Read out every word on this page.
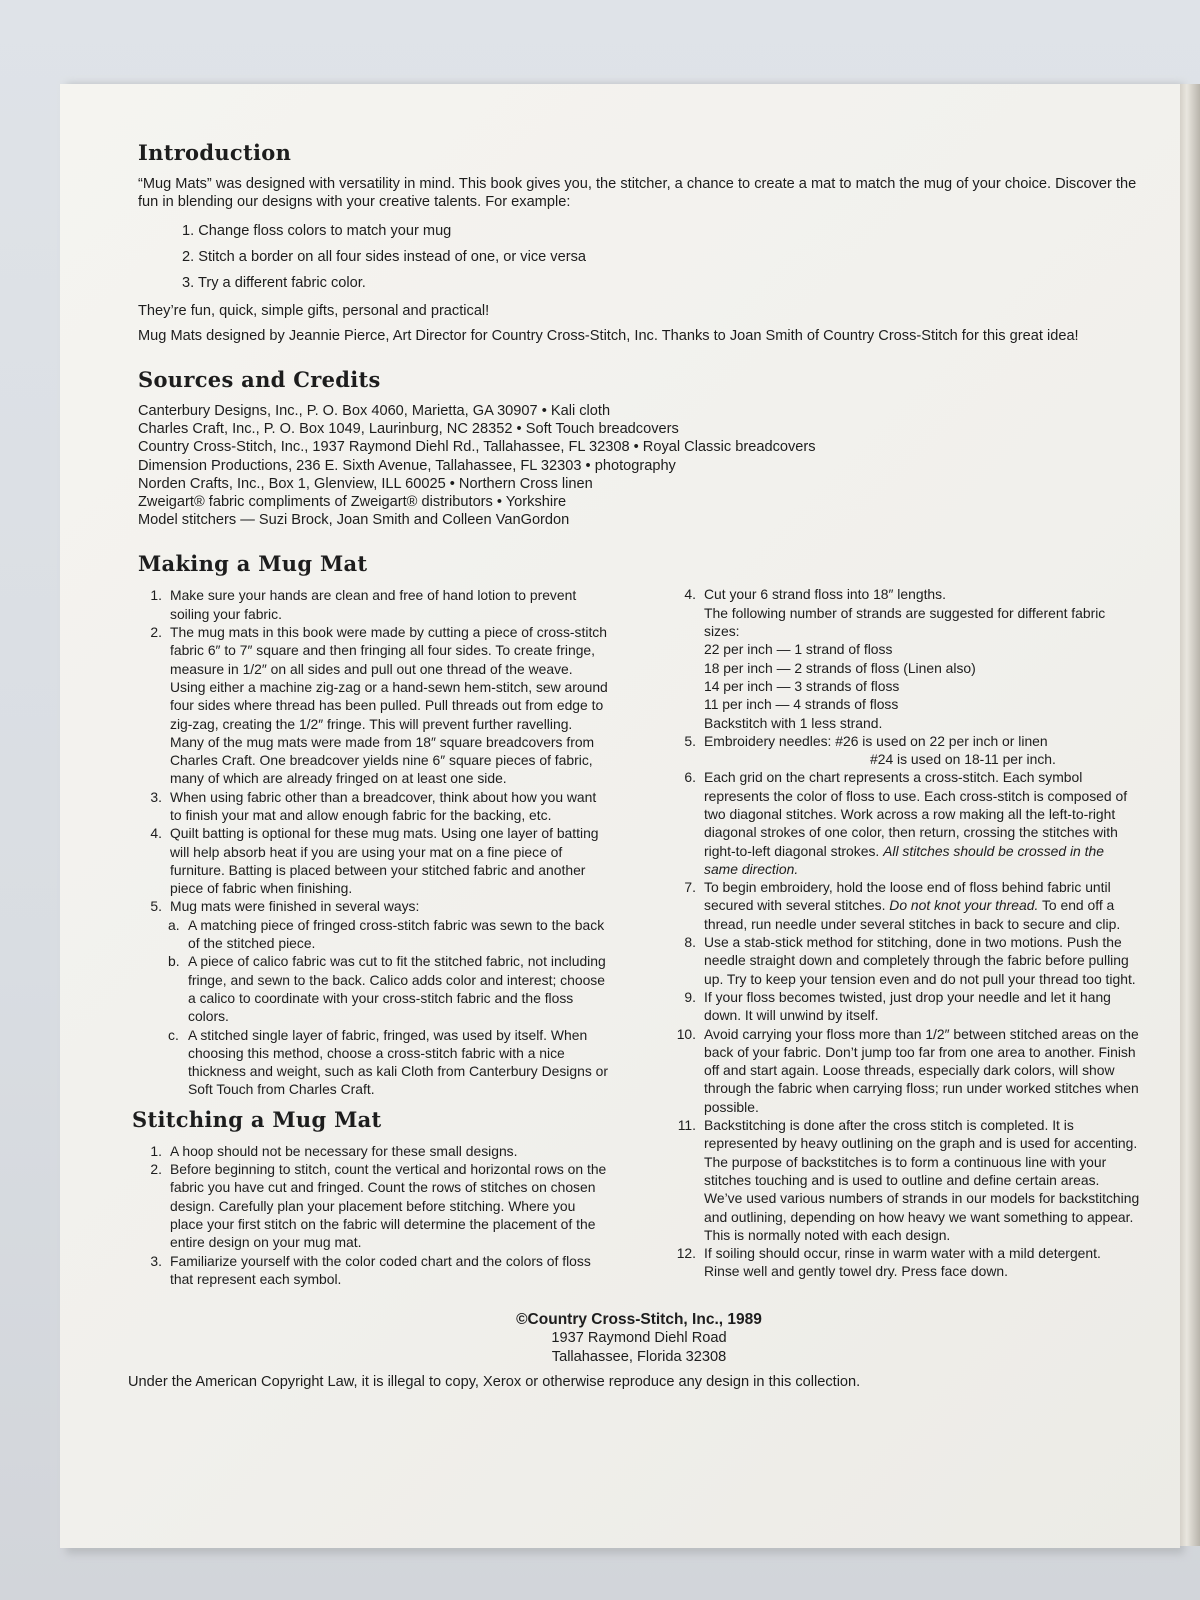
Introduction

“Mug Mats” was designed with versatility in mind. This book gives you, the stitcher, a chance to create a mat to match the mug of your choice. Discover the fun in blending our designs with your creative talents. For example:

1. Change floss colors to match your mug
2. Stitch a border on all four sides instead of one, or vice versa
3. Try a different fabric color.

They’re fun, quick, simple gifts, personal and practical!

Mug Mats designed by Jeannie Pierce, Art Director for Country Cross-Stitch, Inc. Thanks to Joan Smith of Country Cross-Stitch for this great idea!

Sources and Credits
Canterbury Designs, Inc., P. O. Box 4060, Marietta, GA 30907 • Kali cloth
Charles Craft, Inc., P. O. Box 1049, Laurinburg, NC 28352 • Soft Touch breadcovers
Country Cross-Stitch, Inc., 1937 Raymond Diehl Rd., Tallahassee, FL 32308 • Royal Classic breadcovers
Dimension Productions, 236 E. Sixth Avenue, Tallahassee, FL 32303 • photography
Norden Crafts, Inc., Box 1, Glenview, ILL 60025 • Northern Cross linen
Zweigart® fabric compliments of Zweigart® distributors • Yorkshire
Model stitchers — Suzi Brock, Joan Smith and Colleen VanGordon
Making a Mug Mat
1. Make sure your hands are clean and free of hand lotion to prevent soiling your fabric.
2. The mug mats in this book were made by cutting a piece of cross-stitch fabric 6″ to 7″ square and then fringing all four sides. To create fringe, measure in 1/2″ on all sides and pull out one thread of the weave. Using either a machine zig-zag or a hand-sewn hem-stitch, sew around four sides where thread has been pulled. Pull threads out from edge to zig-zag, creating the 1/2″ fringe. This will prevent further ravelling. Many of the mug mats were made from 18″ square breadcovers from Charles Craft. One breadcover yields nine 6″ square pieces of fabric, many of which are already fringed on at least one side.
3. When using fabric other than a breadcover, think about how you want to finish your mat and allow enough fabric for the backing, etc.
4. Quilt batting is optional for these mug mats. Using one layer of batting will help absorb heat if you are using your mat on a fine piece of furniture. Batting is placed between your stitched fabric and another piece of fabric when finishing.
5. Mug mats were finished in several ways:
a. A matching piece of fringed cross-stitch fabric was sewn to the back of the stitched piece.
b. A piece of calico fabric was cut to fit the stitched fabric, not including fringe, and sewn to the back. Calico adds color and interest; choose a calico to coordinate with your cross-stitch fabric and the floss colors.
c. A stitched single layer of fabric, fringed, was used by itself. When choosing this method, choose a cross-stitch fabric with a nice thickness and weight, such as kali Cloth from Canterbury Designs or Soft Touch from Charles Craft.
Stitching a Mug Mat
1. A hoop should not be necessary for these small designs.
2. Before beginning to stitch, count the vertical and horizontal rows on the fabric you have cut and fringed. Count the rows of stitches on chosen design. Carefully plan your placement before stitching. Where you place your first stitch on the fabric will determine the placement of the entire design on your mug mat.
3. Familiarize yourself with the color coded chart and the colors of floss that represent each symbol.
4. Cut your 6 strand floss into 18″ lengths.
The following number of strands are suggested for different fabric sizes:
22 per inch — 1 strand of floss
18 per inch — 2 strands of floss (Linen also)
14 per inch — 3 strands of floss
11 per inch — 4 strands of floss
Backstitch with 1 less strand.
5. Embroidery needles: #26 is used on 22 per inch or linen
#24 is used on 18-11 per inch.
6. Each grid on the chart represents a cross-stitch. Each symbol represents the color of floss to use. Each cross-stitch is composed of two diagonal stitches. Work across a row making all the left-to-right diagonal strokes of one color, then return, crossing the stitches with right-to-left diagonal strokes. All stitches should be crossed in the same direction.
7. To begin embroidery, hold the loose end of floss behind fabric until secured with several stitches. Do not knot your thread. To end off a thread, run needle under several stitches in back to secure and clip.
8. Use a stab-stick method for stitching, done in two motions. Push the needle straight down and completely through the fabric before pulling up. Try to keep your tension even and do not pull your thread too tight.
9. If your floss becomes twisted, just drop your needle and let it hang down. It will unwind by itself.
10. Avoid carrying your floss more than 1/2″ between stitched areas on the back of your fabric. Don’t jump too far from one area to another. Finish off and start again. Loose threads, especially dark colors, will show through the fabric when carrying floss; run under worked stitches when possible.
11. Backstitching is done after the cross stitch is completed. It is represented by heavy outlining on the graph and is used for accenting. The purpose of backstitches is to form a continuous line with your stitches touching and is used to outline and define certain areas. We’ve used various numbers of strands in our models for backstitching and outlining, depending on how heavy we want something to appear. This is normally noted with each design.
12. If soiling should occur, rinse in warm water with a mild detergent. Rinse well and gently towel dry. Press face down.
©Country Cross-Stitch, Inc., 1989
1937 Raymond Diehl Road
Tallahassee, Florida 32308
Under the American Copyright Law, it is illegal to copy, Xerox or otherwise reproduce any design in this collection.
